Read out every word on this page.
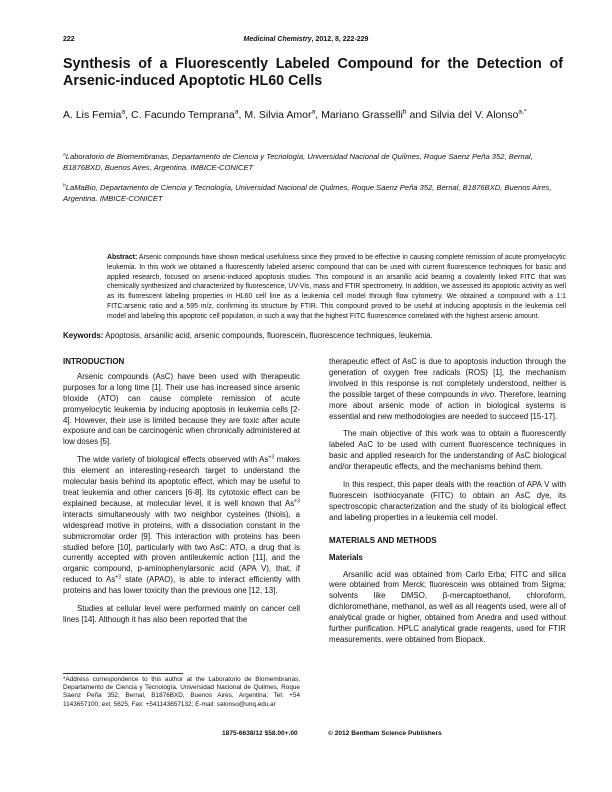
222	Medicinal Chemistry, 2012, 8, 222-229
Synthesis of a Fluorescently Labeled Compound for the Detection of Arsenic-induced Apoptotic HL60 Cells
A. Lis Femia$^a$, C. Facundo Temprana$^a$, M. Silvia Amor$^a$, Mariano Grasselli$^b$ and Silvia del V. Alonso$^{a,*}$
$^a$Laboratorio de Biomembranas, Departamento de Ciencia y Tecnología, Universidad Nacional de Quilmes, Roque Saenz Peña 352, Bernal, B1876BXD, Buenos Aires, Argentina. IMBICE-CONICET
$^b$LaMaBio, Departamento de Ciencia y Tecnología, Universidad Nacional de Quilmes, Roque Saenz Peña 352, Bernal, B1876BXD, Buenos Aires, Argentina. IMBICE-CONICET
Abstract: Arsenic compounds have shown medical usefulness since they proved to be effective in causing complete remission of acute promyelocytic leukemia. In this work we obtained a fluorescently labeled arsenic compound that can be used with current fluorescence techniques for basic and applied research, focused on arsenic-induced apoptosis studies. This compound is an arsanilic acid bearing a covalently linked FITC that was chemically synthesized and characterized by fluorescence, UV-Vis, mass and FTIR spectrometry. In addition, we assessed its apoptotic activity as well as its fluorescent labeling properties in HL60 cell line as a leukemia cell model through flow cytometry. We obtained a compound with a 1:1 FITC:arsenic ratio and a 595 m/z, confirming its structure by FTIR. This compound proved to be useful at inducing apoptosis in the leukemia cell model and labeling this apoptotic cell population, in such a way that the highest FITC fluorescence correlated with the highest arsenic amount.
Keywords: Apoptosis, arsanilic acid, arsenic compounds, fluorescein, fluorescence techniques, leukemia.
INTRODUCTION

Arsenic compounds (AsC) have been used with therapeutic purposes for a long time [1]. Their use has increased since arsenic trioxide (ATO) can cause complete remission of acute promyelocytic leukemia by inducing apoptosis in leukemia cells [2-4]. However, their use is limited because they are toxic after acute exposure and can be carcinogenic when chronically administered at low doses [5].

The wide variety of biological effects observed with $As^{+3}$ makes this element an interesting-research target to understand the molecular basis behind its apoptotic effect, which may be useful to treat leukemia and other cancers [6-8]. Its cytotoxic effect can be explained because, at molecular level, it is well known that $As^{+3}$ interacts simultaneously with two neighbor cysteines (thiols), a widespread motive in proteins, with a dissociation constant in the submicromolar order [9]. This interaction with proteins has been studied before [10], particularly with two AsC: ATO, a drug that is currently accepted with proven antileukemic action [11], and the organic compound, p-aminophenylarsonic acid (APA V), that, if reduced to $As^{+3}$ state (APAO), is able to interact efficiently with proteins and has lower toxicity than the previous one [12, 13].

Studies at cellular level were performed mainly on cancer cell lines [14]. Although it has also been reported that the

therapeutic effect of AsC is due to apoptosis induction through the generation of oxygen free radicals (ROS) [1], the mechanism involved in this response is not completely understood, neither is the possible target of these compounds in vivo. Therefore, learning more about arsenic mode of action in biological systems is essential and new methodologies are needed to succeed [15-17].

The main objective of this work was to obtain a fluorescently labeled AsC to be used with current fluorescence techniques in basic and applied research for the understanding of AsC biological and/or therapeutic effects, and the mechanisms behind them.

In this respect, this paper deals with the reaction of APA V with fluorescein isothiocyanate (FITC) to obtain an AsC dye, its spectroscopic characterization and the study of its biological effect and labeling properties in a leukemia cell model.

MATERIALS AND METHODS
Materials

Arsanilic acid was obtained from Carlo Erba; FITC and silica were obtained from Merck; fluorescein was obtained from Sigma; solvents like DMSO, β-mercaptoethanol, chloroform, dichloromethane, methanol, as well as all reagents used, were all of analytical grade or higher, obtained from Anedra and used without further purification. HPLC analytical grade reagents, used for FTIR measurements, were obtained from Biopack.

*Address correspondence to this author at the Laboratorio de Biomembranas, Departamento de Ciencia y Tecnología, Universidad Nacional de Quilmes, Roque Saenz Peña 352, Bernal, B1876BXD, Buenos Aires, Argentina; Tel: +54 1143657100; ext. 5625, Fax: +541143657132; E-mail: salonso@unq.edu.ar
1875-6638/12 $58.00+.00	© 2012 Bentham Science Publishers
